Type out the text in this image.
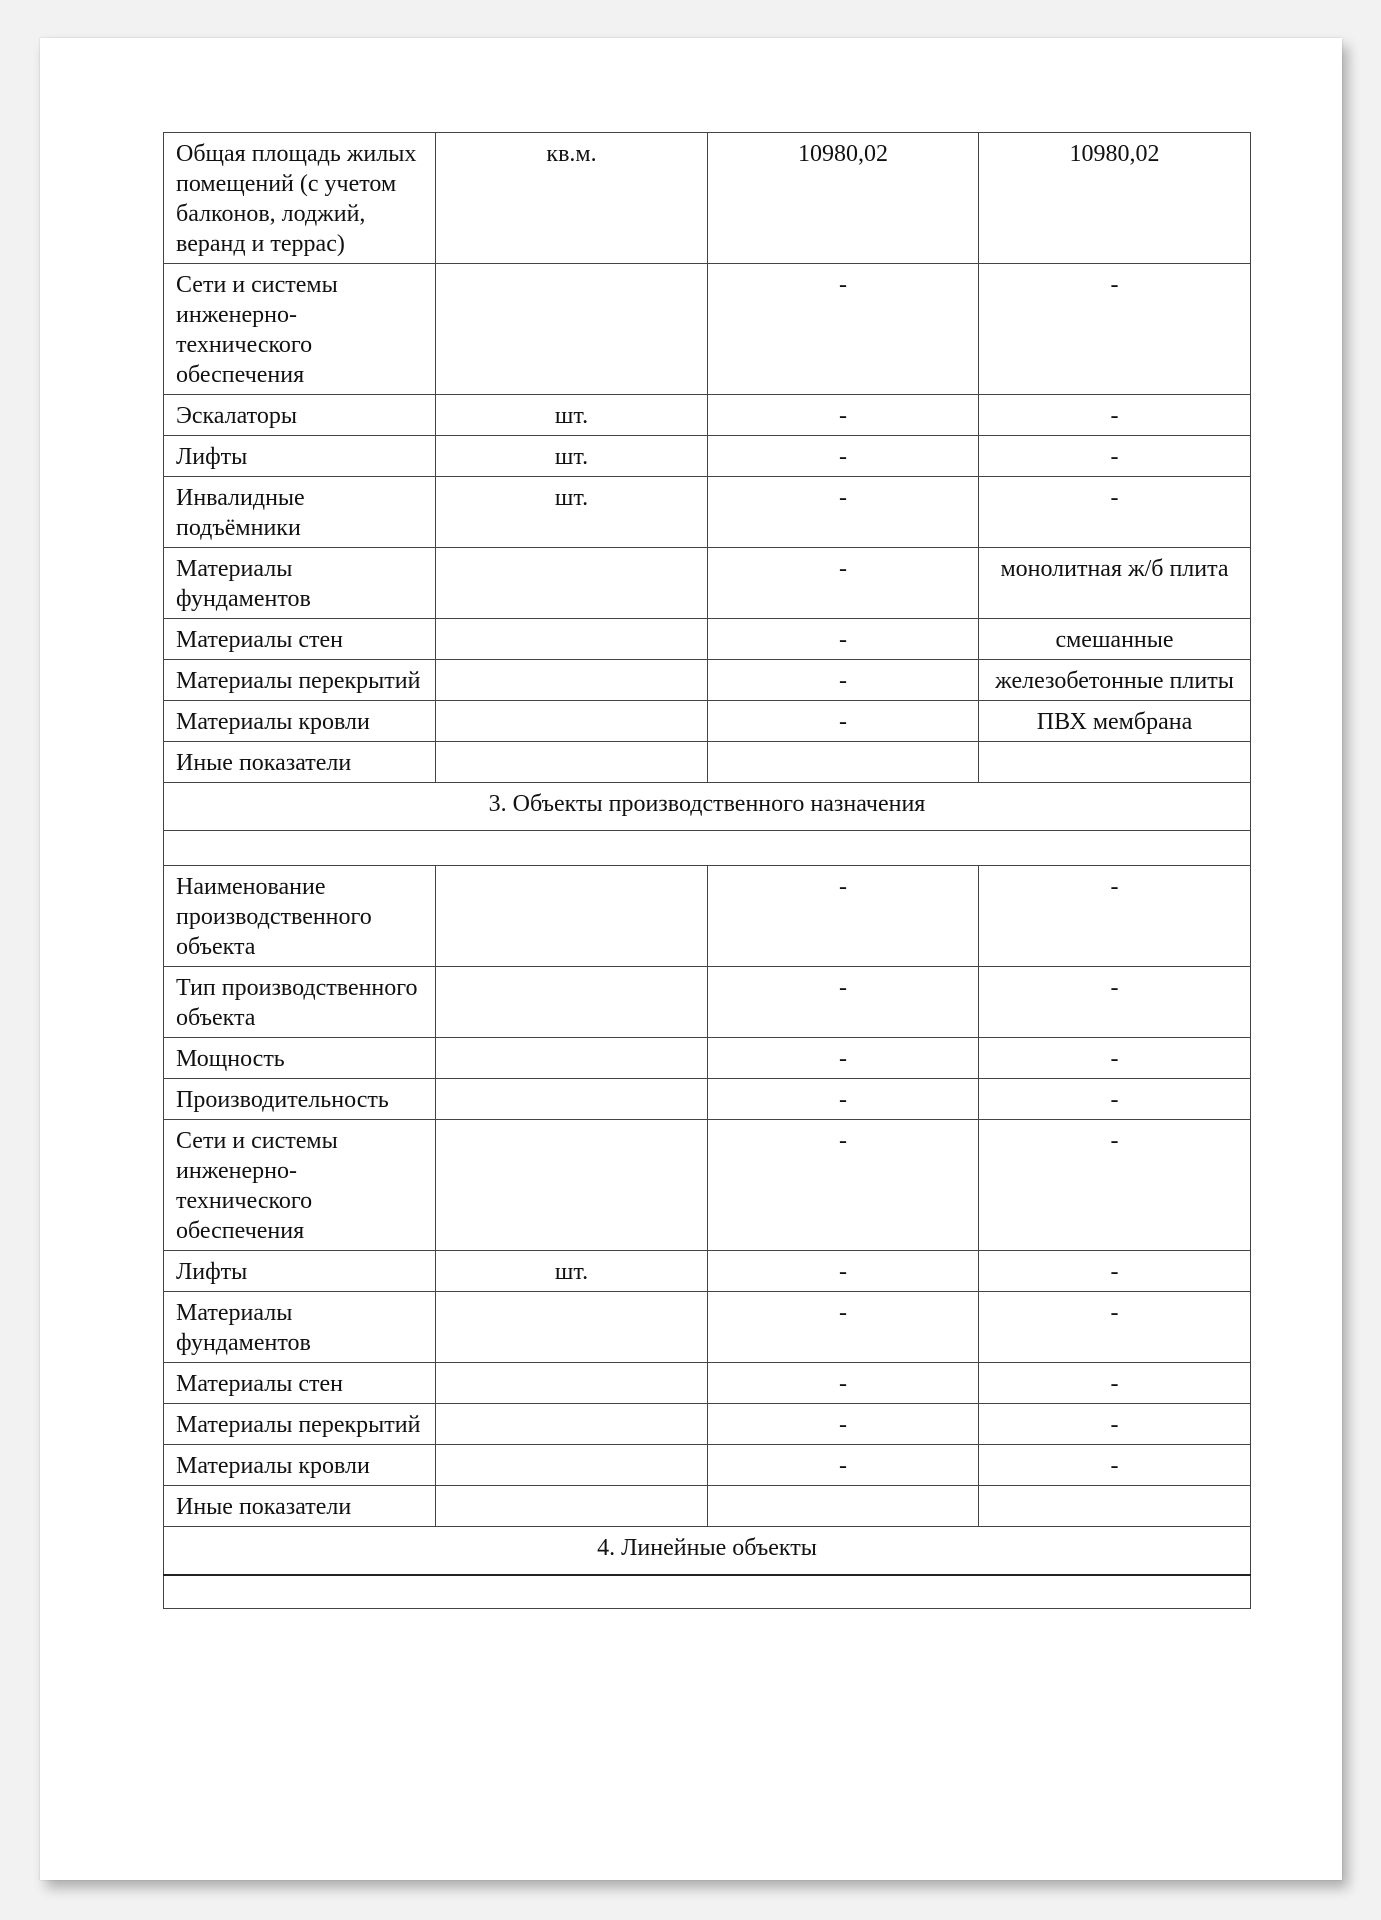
Общая площадь жилых помещений (с учетом балконов, лоджий, веранд и террас)	кв.м.	10980,02	10980,02
Сети и системы инженерно-технического обеспечения		-	-
Эскалаторы	шт.	-	-
Лифты	шт.	-	-
Инвалидные подъёмники	шт.	-	-
Материалы фундаментов		-	монолитная ж/б плита
Материалы стен		-	смешанные
Материалы перекрытий		-	железобетонные плиты
Материалы кровли		-	ПВХ мембрана
Иные показатели			
3. Объекты производственного назначения			

Наименование производственного объекта		-	-
Тип производственного объекта		-	-
Мощность		-	-
Производительность		-	-
Сети и системы инженерно-технического обеспечения		-	-
Лифты	шт.	-	-
Материалы фундаментов		-	-
Материалы стен		-	-
Материалы перекрытий		-	-
Материалы кровли		-	-
Иные показатели			
4. Линейные объекты			
